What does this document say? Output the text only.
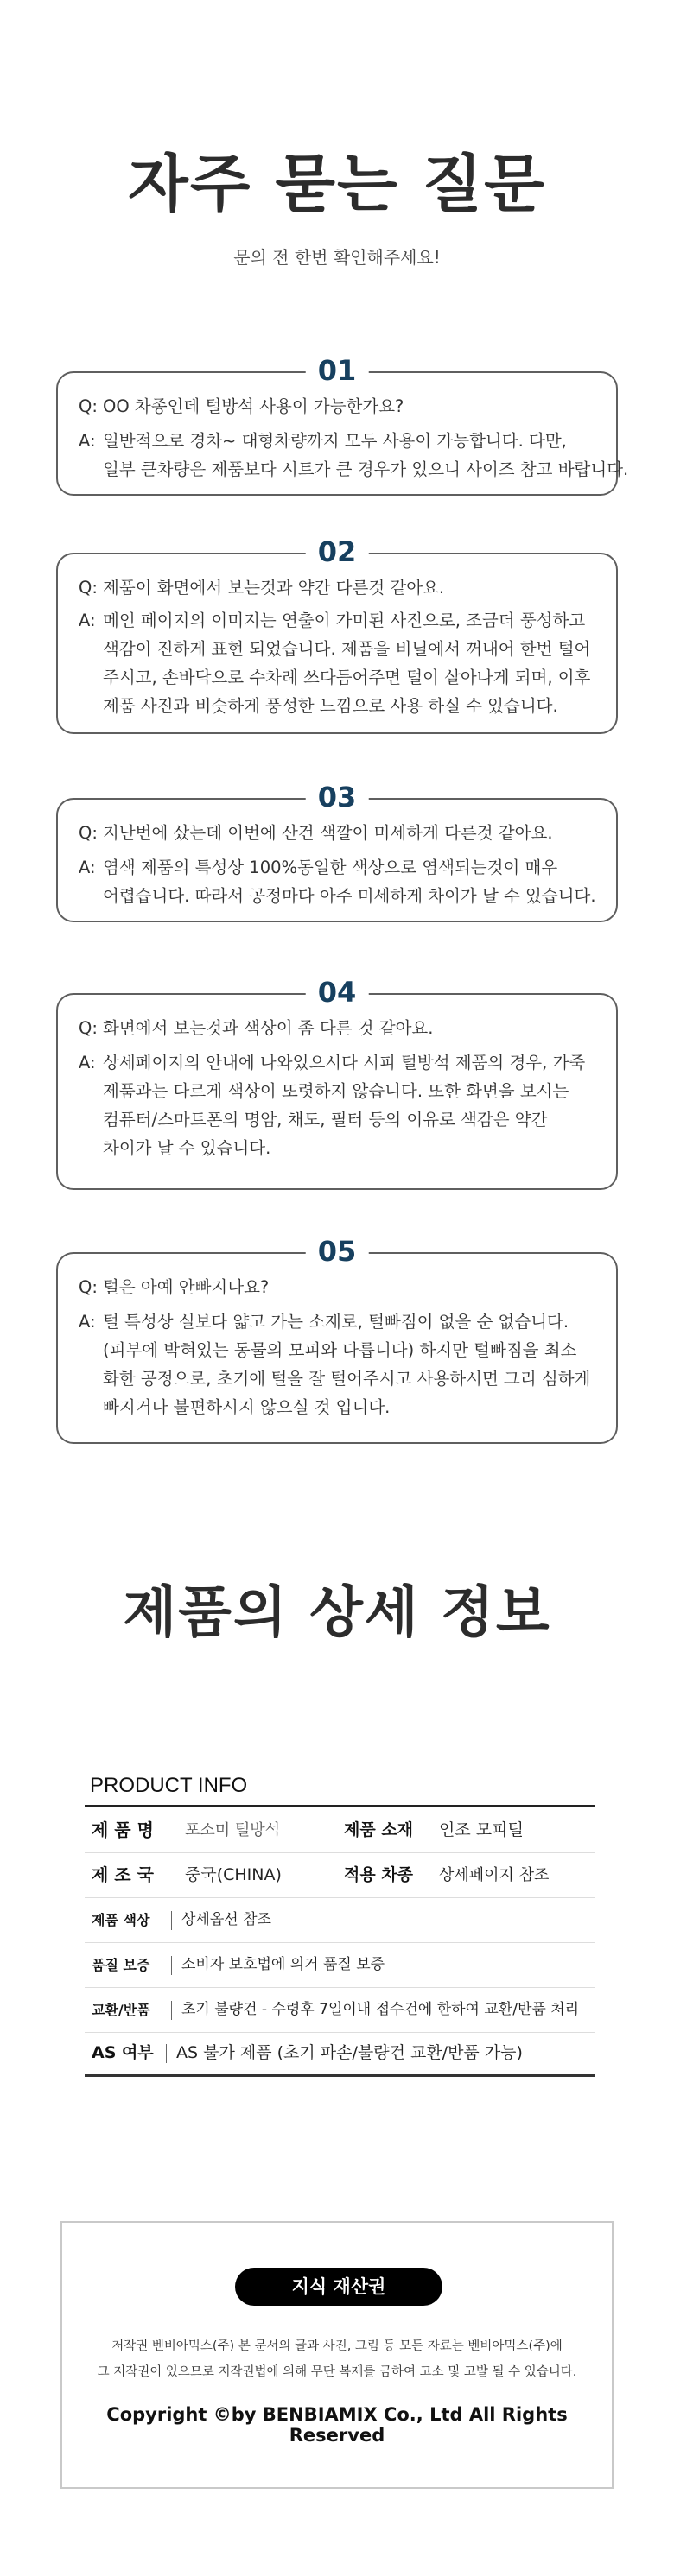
자주 묻는 질문
문의 전 한번 확인해주세요!
01
Q: OO 차종인데 털방석 사용이 가능한가요?
A: 일반적으로 경차~ 대형차량까지 모두 사용이 가능합니다. 다만,
일부 큰차량은 제품보다 시트가 큰 경우가 있으니 사이즈 참고 바랍니다.
02
Q: 제품이 화면에서 보는것과 약간 다른것 같아요.
A: 메인 페이지의 이미지는 연출이 가미된 사진으로, 조금더 풍성하고
색감이 진하게 표현 되었습니다. 제품을 비닐에서 꺼내어 한번 털어
주시고, 손바닥으로 수차례 쓰다듬어주면 털이 살아나게 되며, 이후
제품 사진과 비슷하게 풍성한 느낌으로 사용 하실 수 있습니다.
03
Q: 지난번에 샀는데 이번에 산건 색깔이 미세하게 다른것 같아요.
A: 염색 제품의 특성상 100%동일한 색상으로 염색되는것이 매우
어렵습니다. 따라서 공정마다 아주 미세하게 차이가 날 수 있습니다.
04
Q: 화면에서 보는것과 색상이 좀 다른 것 같아요.
A: 상세페이지의 안내에 나와있으시다 시피 털방석 제품의 경우, 가죽
제품과는 다르게 색상이 또렷하지 않습니다. 또한 화면을 보시는
컴퓨터/스마트폰의 명암, 채도, 필터 등의 이유로 색감은 약간
차이가 날 수 있습니다.
05
Q: 털은 아예 안빠지나요?
A: 털 특성상 실보다 얇고 가는 소재로, 털빠짐이 없을 순 없습니다.
(피부에 박혀있는 동물의 모피와 다릅니다) 하지만 털빠짐을 최소
화한 공정으로, 초기에 털을 잘 털어주시고 사용하시면 그리 심하게
빠지거나 불편하시지 않으실 것 입니다.
제품의 상세 정보
PRODUCT INFO
제 품 명	포소미 털방석	제품 소재	인조 모피털
제 조 국	중국(CHINA)	적용 차종	상세페이지 참조
제품 색상	상세옵션 참조
품질 보증	소비자 보호법에 의거 품질 보증
교환/반품	초기 불량건 - 수령후 7일이내 접수건에 한하여 교환/반품 처리
AS 여부	AS 불가 제품 (초기 파손/불량건 교환/반품 가능)
지식 재산권
저작권 벤비아믹스(주) 본 문서의 글과 사진, 그림 등 모든 자료는 벤비아믹스(주)에
그 저작권이 있으므로 저작권법에 의해 무단 복제를 금하여 고소 및 고발 될 수 있습니다.
Copyright ©by BENBIAMIX Co., Ltd All Rights Reserved
